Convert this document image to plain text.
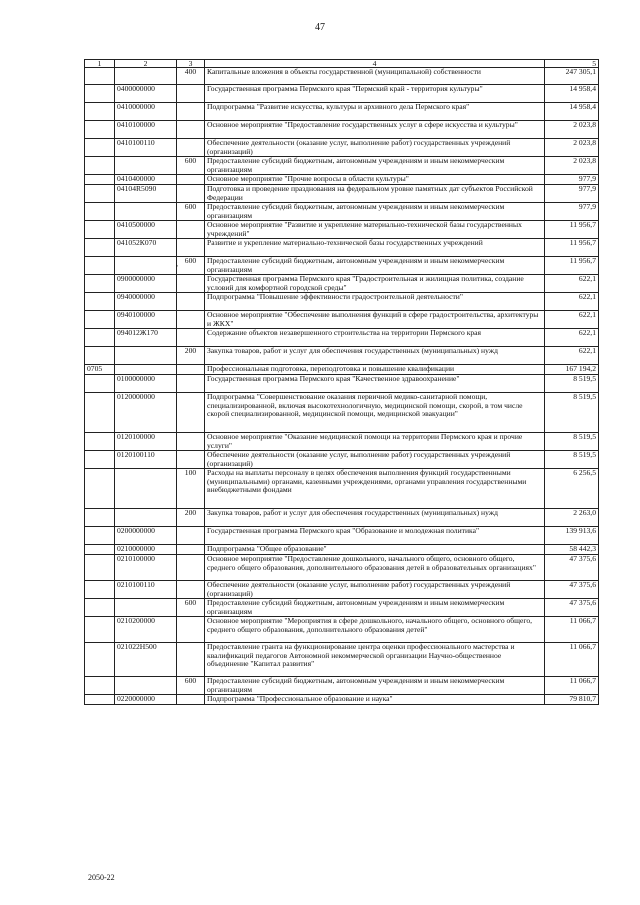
47
1	2	3	4	5
		400	Капитальные вложения в объекты государственной (муниципальной) собственности	247 305,1
	0400000000		Государственная программа Пермского края "Пермский край - территория культуры"	14 958,4
	0410000000		Подпрограмма "Развитие искусства, культуры и архивного дела Пермского края"	14 958,4
	0410100000		Основное мероприятие "Предоставление государственных услуг в сфере искусства и культуры"	2 023,8
	0410100110		Обеспечение деятельности (оказание услуг, выполнение работ) государственных учреждений (организаций)	2 023,8
		600	Предоставление субсидий бюджетным, автономным учреждениям и иным некоммерческим организациям	2 023,8
	0410400000		Основное мероприятие "Прочие вопросы в области культуры"	977,9
	04104R5090		Подготовка и проведение празднования на федеральном уровне памятных дат субъектов Российской Федерации	977,9
		600	Предоставление субсидий бюджетным, автономным учреждениям и иным некоммерческим организациям	977,9
	0410500000		Основное мероприятие "Развитие и укрепление материально-технической базы государственных учреждений"	11 956,7
	041052К070		Развитие и укрепление материально-технической базы государственных учреждений	11 956,7
		600	Предоставление субсидий бюджетным, автономным учреждениям и иным некоммерческим организациям	11 956,7
	0900000000		Государственная программа Пермского края "Градостроительная и жилищная политика, создание условий для комфортной городской среды"	622,1
	0940000000		Подпрограмма "Повышение эффективности градостроительной деятельности"	622,1
	0940100000		Основное мероприятие "Обеспечение выполнения функций в сфере градостроительства, архитектуры и ЖКХ"	622,1
	094012Ж170		Содержание объектов незавершенного строительства на территории Пермского края	622,1
		200	Закупка товаров, работ и услуг для обеспечения государственных (муниципальных) нужд	622,1
0705			Профессиональная подготовка, переподготовка и повышение квалификации	167 194,2
	0100000000		Государственная программа Пермского края "Качественное здравоохранение"	8 519,5
	0120000000		Подпрограмма "Совершенствование оказания первичной медико-санитарной помощи, специализированной, включая высокотехнологичную, медицинской помощи, скорой, в том числе скорой специализированной, медицинской помощи, медицинской эвакуации"	8 519,5
	0120100000		Основное мероприятие "Оказание медицинской помощи на территории Пермского края и прочие услуги"	8 519,5
	0120100110		Обеспечение деятельности (оказание услуг, выполнение работ) государственных учреждений (организаций)	8 519,5
		100	Расходы на выплаты персоналу в целях обеспечения выполнения функций государственными (муниципальными) органами, казенными учреждениями, органами управления государственными внебюджетными фондами	6 256,5
		200	Закупка товаров, работ и услуг для обеспечения государственных (муниципальных) нужд	2 263,0
	0200000000		Государственная программа Пермского края "Образование и молодежная политика"	139 913,6
	0210000000		Подпрограмма "Общее образование"	58 442,3
	0210100000		Основное мероприятие "Предоставление дошкольного, начального общего, основного общего, среднего общего образования, дополнительного образования детей в образовательных организациях"	47 375,6
	0210100110		Обеспечение деятельности (оказание услуг, выполнение работ) государственных учреждений (организаций)	47 375,6
		600	Предоставление субсидий бюджетным, автономным учреждениям и иным некоммерческим организациям	47 375,6
	0210200000		Основное мероприятие "Мероприятия в сфере дошкольного, начального общего, основного общего, среднего общего образования, дополнительного образования детей"	11 066,7
	021022Н500		Предоставление гранта на функционирование центра оценки профессионального мастерства и квалификаций педагогов Автономной некоммерческой организации Научно-общественное объединение "Капитал развития"	11 066,7
		600	Предоставление субсидий бюджетным, автономным учреждениям и иным некоммерческим организациям	11 066,7
	0220000000		Подпрограмма "Профессиональное образование и наука"	79 810,7
,
2050-22
